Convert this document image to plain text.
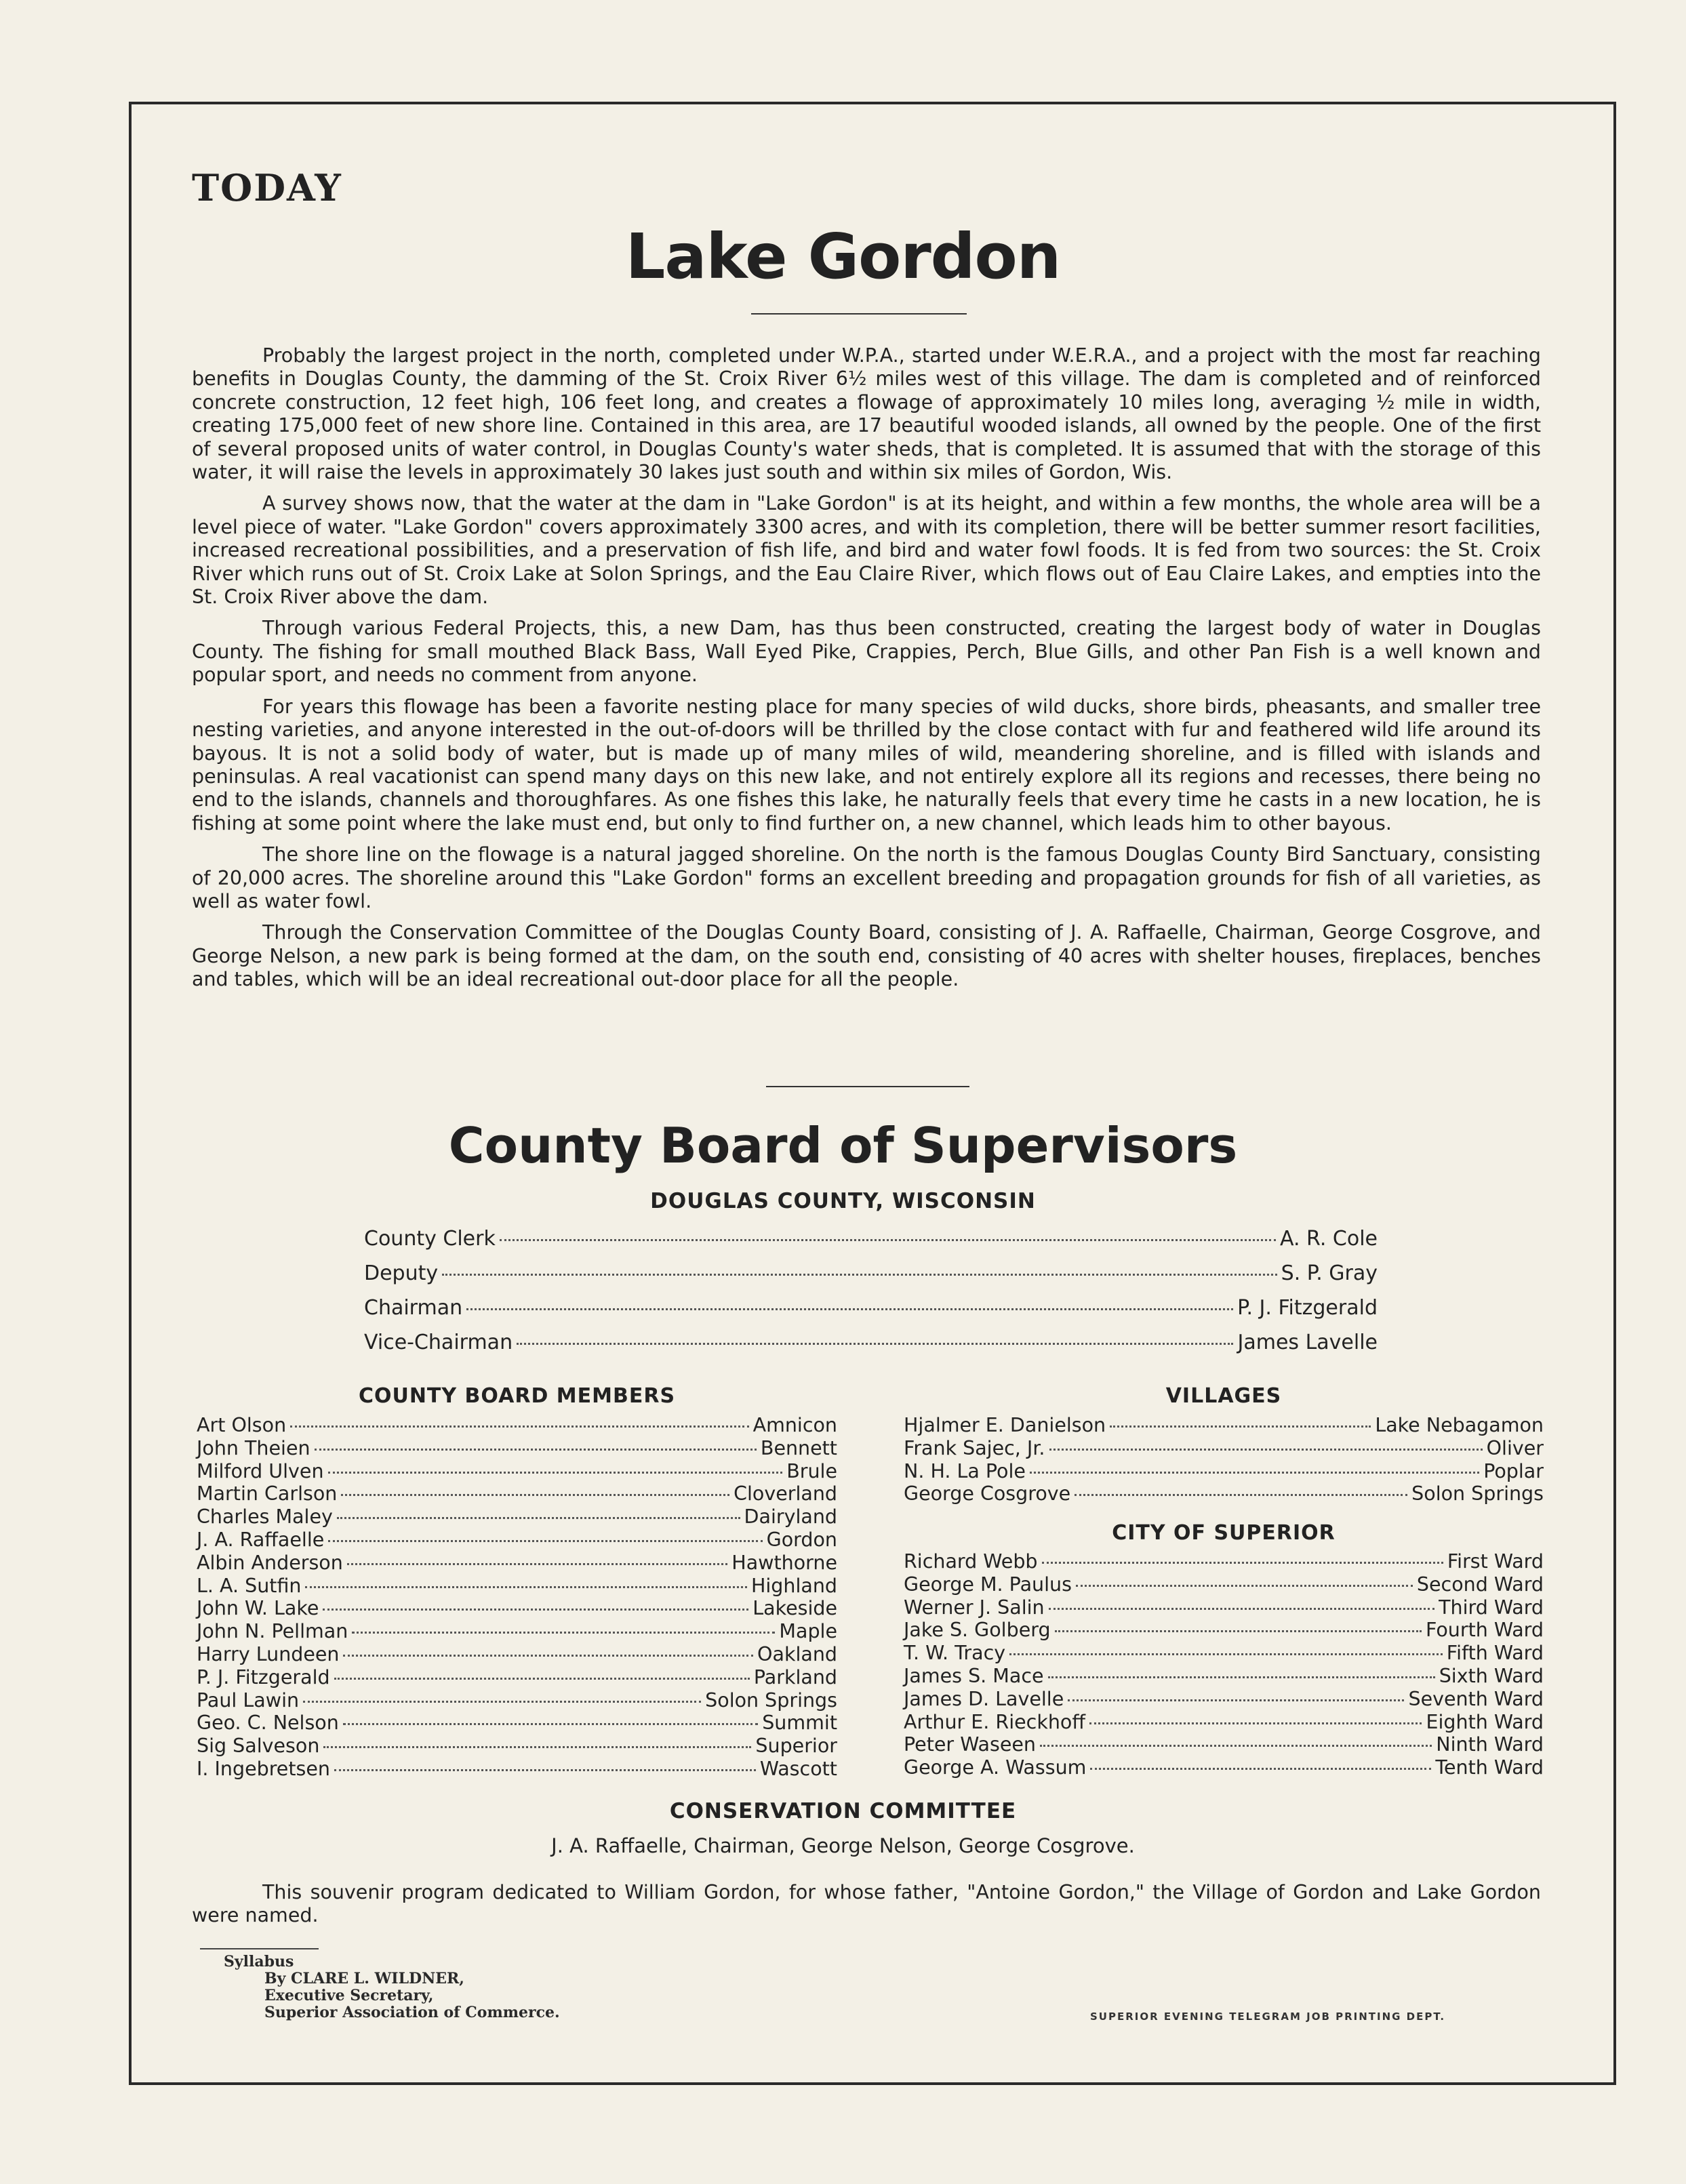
TODAY
Lake Gordon

Probably the largest project in the north, completed under W.P.A., started under W.E.R.A., and a project with the most far reaching benefits in Douglas County, the damming of the St. Croix River 6½ miles west of this village. The dam is completed and of reinforced concrete construction, 12 feet high, 106 feet long, and creates a flowage of approximately 10 miles long, averaging ½ mile in width, creating 175,000 feet of new shore line. Contained in this area, are 17 beautiful wooded islands, all owned by the people. One of the first of several proposed units of water control, in Douglas County's water sheds, that is completed. It is assumed that with the storage of this water, it will raise the levels in approximately 30 lakes just south and within six miles of Gordon, Wis.

A survey shows now, that the water at the dam in "Lake Gordon" is at its height, and within a few months, the whole area will be a level piece of water. "Lake Gordon" covers approximately 3300 acres, and with its completion, there will be better summer resort facilities, increased recreational possibilities, and a preservation of fish life, and bird and water fowl foods. It is fed from two sources: the St. Croix River which runs out of St. Croix Lake at Solon Springs, and the Eau Claire River, which flows out of Eau Claire Lakes, and empties into the St. Croix River above the dam.

Through various Federal Projects, this, a new Dam, has thus been constructed, creating the largest body of water in Douglas County. The fishing for small mouthed Black Bass, Wall Eyed Pike, Crappies, Perch, Blue Gills, and other Pan Fish is a well known and popular sport, and needs no comment from anyone.

For years this flowage has been a favorite nesting place for many species of wild ducks, shore birds, pheasants, and smaller tree nesting varieties, and anyone interested in the out-of-doors will be thrilled by the close contact with fur and feathered wild life around its bayous. It is not a solid body of water, but is made up of many miles of wild, meandering shoreline, and is filled with islands and peninsulas. A real vacationist can spend many days on this new lake, and not entirely explore all its regions and recesses, there being no end to the islands, channels and thoroughfares. As one fishes this lake, he naturally feels that every time he casts in a new location, he is fishing at some point where the lake must end, but only to find further on, a new channel, which leads him to other bayous.

The shore line on the flowage is a natural jagged shoreline. On the north is the famous Douglas County Bird Sanctuary, consisting of 20,000 acres. The shoreline around this "Lake Gordon" forms an excellent breeding and propagation grounds for fish of all varieties, as well as water fowl.

Through the Conservation Committee of the Douglas County Board, consisting of J. A. Raffaelle, Chairman, George Cosgrove, and George Nelson, a new park is being formed at the dam, on the south end, consisting of 40 acres with shelter houses, fireplaces, benches and tables, which will be an ideal recreational out-door place for all the people.

County Board of Supervisors
DOUGLAS COUNTY, WISCONSIN
County Clerk	A. R. Cole
Deputy	S. P. Gray
Chairman	P. J. Fitzgerald
Vice-Chairman	James Lavelle
COUNTY BOARD MEMBERS
Art Olson	Amnicon
John Theien	Bennett
Milford Ulven	Brule
Martin Carlson	Cloverland
Charles Maley	Dairyland
J. A. Raffaelle	Gordon
Albin Anderson	Hawthorne
L. A. Sutfin	Highland
John W. Lake	Lakeside
John N. Pellman	Maple
Harry Lundeen	Oakland
P. J. Fitzgerald	Parkland
Paul Lawin	Solon Springs
Geo. C. Nelson	Summit
Sig Salveson	Superior
I. Ingebretsen	Wascott
VILLAGES
Hjalmer E. Danielson	Lake Nebagamon
Frank Sajec, Jr.	Oliver
N. H. La Pole	Poplar
George Cosgrove	Solon Springs
CITY OF SUPERIOR
Richard Webb	First Ward
George M. Paulus	Second Ward
Werner J. Salin	Third Ward
Jake S. Golberg	Fourth Ward
T. W. Tracy	Fifth Ward
James S. Mace	Sixth Ward
James D. Lavelle	Seventh Ward
Arthur E. Rieckhoff	Eighth Ward
Peter Waseen	Ninth Ward
George A. Wassum	Tenth Ward
CONSERVATION COMMITTEE
J. A. Raffaelle, Chairman, George Nelson, George Cosgrove.

This souvenir program dedicated to William Gordon, for whose father, "Antoine Gordon," the Village of Gordon and Lake Gordon were named.

Syllabus
By CLARE L. WILDNER,
Executive Secretary,
Superior Association of Commerce.	SUPERIOR EVENING TELEGRAM JOB PRINTING DEPT.
